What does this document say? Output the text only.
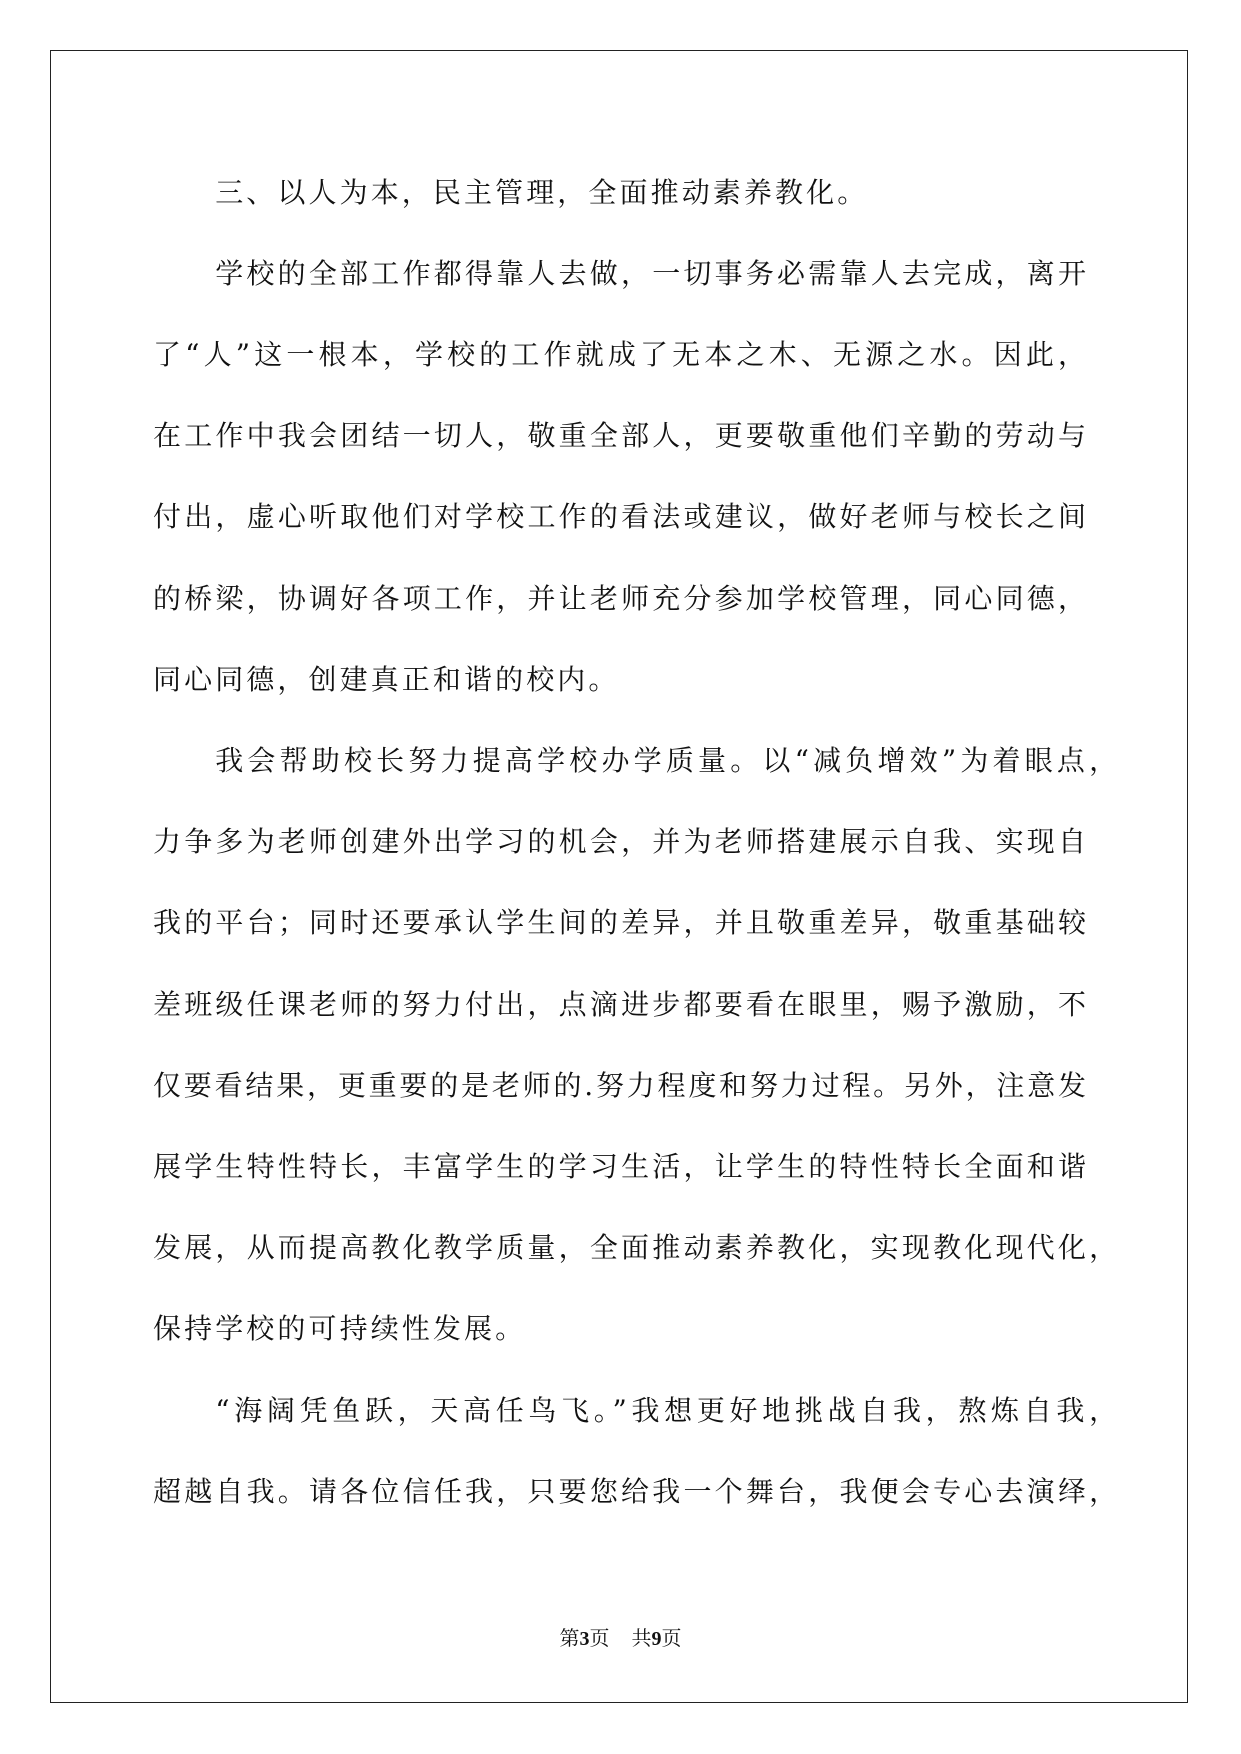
三、以人为本，民主管理，全面推动素养教化。
学校的全部工作都得靠人去做，一切事务必需靠人去完成，离开
了“人”这一根本，学校的工作就成了无本之木、无源之水。因此，
在工作中我会团结一切人，敬重全部人，更要敬重他们辛勤的劳动与
付出，虚心听取他们对学校工作的看法或建议，做好老师与校长之间
的桥梁，协调好各项工作，并让老师充分参加学校管理，同心同德，
同心同德，创建真正和谐的校内。
我会帮助校长努力提高学校办学质量。以“减负增效”为着眼点，
力争多为老师创建外出学习的机会，并为老师搭建展示自我、实现自
我的平台；同时还要承认学生间的差异，并且敬重差异，敬重基础较
差班级任课老师的努力付出，点滴进步都要看在眼里，赐予激励，不
仅要看结果，更重要的是老师的.努力程度和努力过程。另外，注意发
展学生特性特长，丰富学生的学习生活，让学生的特性特长全面和谐
发展，从而提高教化教学质量，全面推动素养教化，实现教化现代化，
保持学校的可持续性发展。
“海阔凭鱼跃，天高任鸟飞。”我想更好地挑战自我，熬炼自我，
超越自我。请各位信任我，只要您给我一个舞台，我便会专心去演绎，
第3页 共9页
